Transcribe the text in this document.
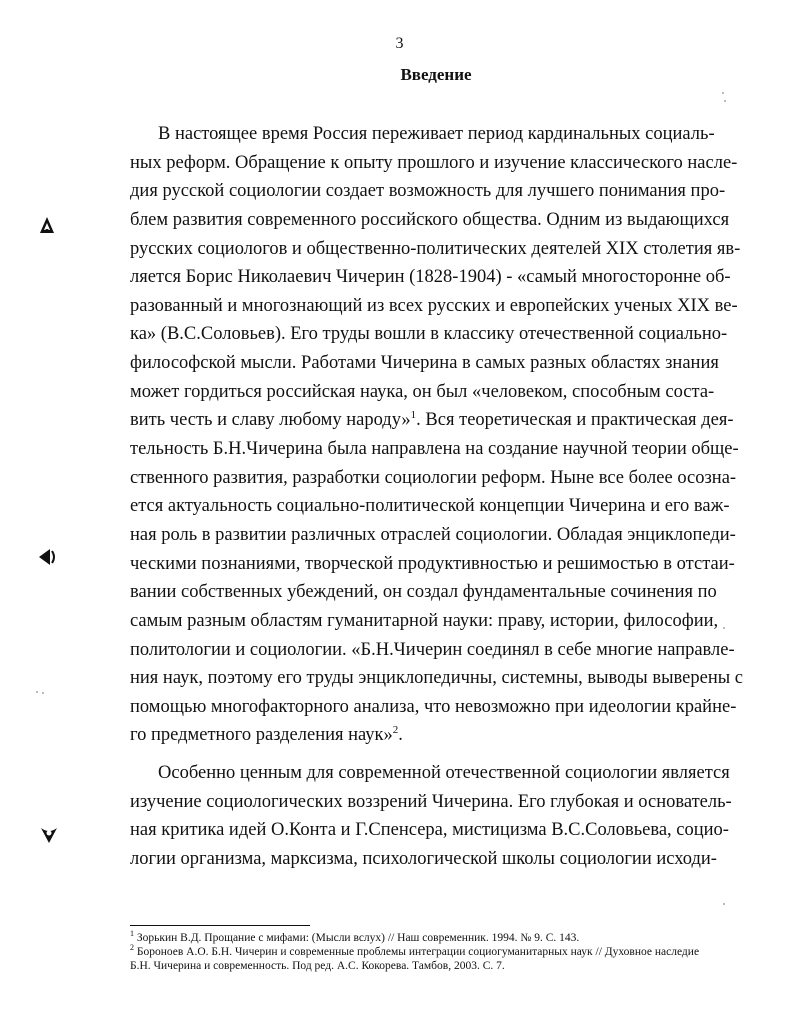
3
Введение
В настоящее время Россия переживает период кардинальных социаль-
ных реформ. Обращение к опыту прошлого и изучение классического насле-
дия русской социологии создает возможность для лучшего понимания про-
блем развития современного российского общества. Одним из выдающихся
русских социологов и общественно-политических деятелей XIX столетия яв-
ляется Борис Николаевич Чичерин (1828-1904) - «самый многосторонне об-
разованный и многознающий из всех русских и европейских ученых XIX ве-
ка» (В.С.Соловьев). Его труды вошли в классику отечественной социально-
философской мысли. Работами Чичерина в самых разных областях знания
может гордиться российская наука, он был «человеком, способным соста-
вить честь и славу любому народу»$^1$. Вся теоретическая и практическая дея-
тельность Б.Н.Чичерина была направлена на создание научной теории обще-
ственного развития, разработки социологии реформ. Ныне все более осозна-
ется актуальность социально-политической концепции Чичерина и его важ-
ная роль в развитии различных отраслей социологии. Обладая энциклопеди-
ческими познаниями, творческой продуктивностью и решимостью в отстаи-
вании собственных убеждений, он создал фундаментальные сочинения по
самым разным областям гуманитарной науки: праву, истории, философии,
политологии и социологии. «Б.Н.Чичерин соединял в себе многие направле-
ния наук, поэтому его труды энциклопедичны, системны, выводы выверены с
помощью многофакторного анализа, что невозможно при идеологии крайне-
го предметного разделения наук»$^2$.
Особенно ценным для современной отечественной социологии является
изучение социологических воззрений Чичерина. Его глубокая и основатель-
ная критика идей О.Конта и Г.Спенсера, мистицизма В.С.Соловьева, социо-
логии организма, марксизма, психологической школы социологии исходи-

$^1$ Зорькин В.Д. Прощание с мифами: (Мысли вслух) // Наш современник. 1994. № 9. С. 143.

$^2$ Бороноев А.О. Б.Н. Чичерин и современные проблемы интеграции социогуманитарных наук // Духовное наследие Б.Н. Чичерина и современность. Под ред. А.С. Кокорева. Тамбов, 2003. С. 7.
